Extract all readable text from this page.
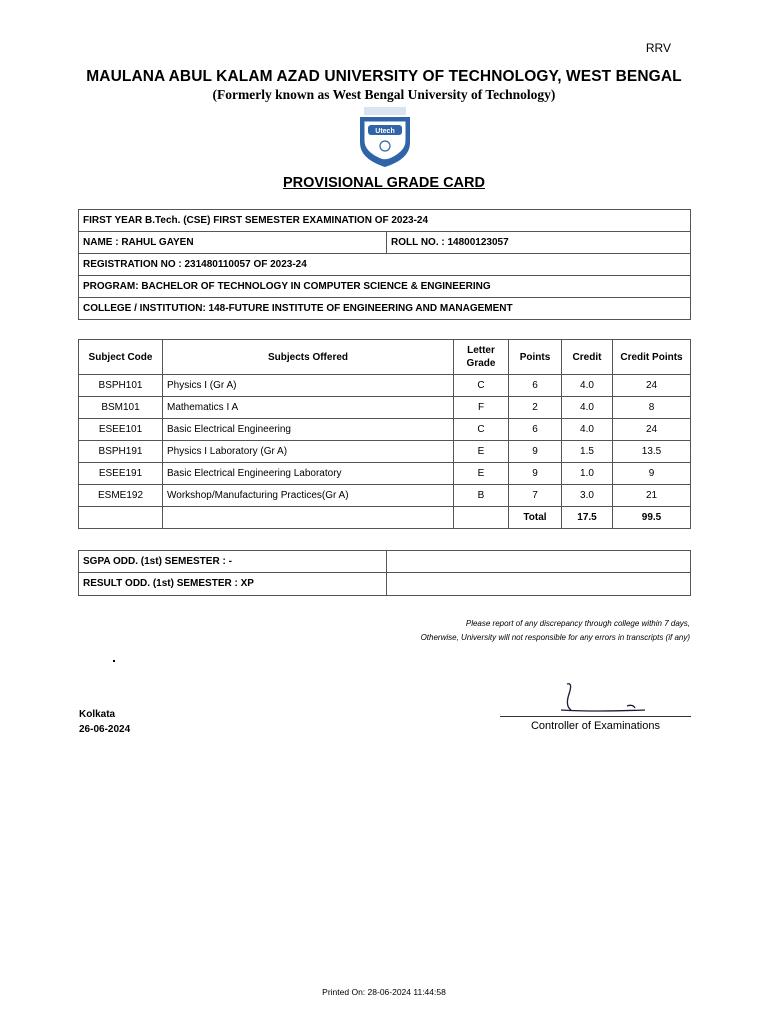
RRV
MAULANA ABUL KALAM AZAD UNIVERSITY OF TECHNOLOGY, WEST BENGAL
(Formerly known as West Bengal University of Technology)
Utech
PROVISIONAL GRADE CARD
FIRST YEAR B.Tech. (CSE) FIRST SEMESTER EXAMINATION OF 2023-24
NAME : RAHUL GAYEN	ROLL NO. : 14800123057
REGISTRATION NO : 231480110057 OF 2023-24
PROGRAM: BACHELOR OF TECHNOLOGY IN COMPUTER SCIENCE & ENGINEERING
COLLEGE / INSTITUTION: 148-FUTURE INSTITUTE OF ENGINEERING AND MANAGEMENT
Subject Code	Subjects Offered	Letter Grade	Points	Credit	Credit Points
BSPH101	Physics I (Gr A)	C	6	4.0	24
BSM101	Mathematics I A	F	2	4.0	8
ESEE101	Basic Electrical Engineering	C	6	4.0	24
BSPH191	Physics I Laboratory (Gr A)	E	9	1.5	13.5
ESEE191	Basic Electrical Engineering Laboratory	E	9	1.0	9
ESME192	Workshop/Manufacturing Practices(Gr A)	B	7	3.0	21
			Total	17.5	99.5
SGPA ODD. (1st) SEMESTER : -
RESULT ODD. (1st) SEMESTER : XP
Please report of any discrepancy through college within 7 days,
Otherwise, University will not responsible for any errors in transcripts (if any)
Kolkata
26-06-2024	Controller of Examinations
Printed On: 28-06-2024 11:44:58
